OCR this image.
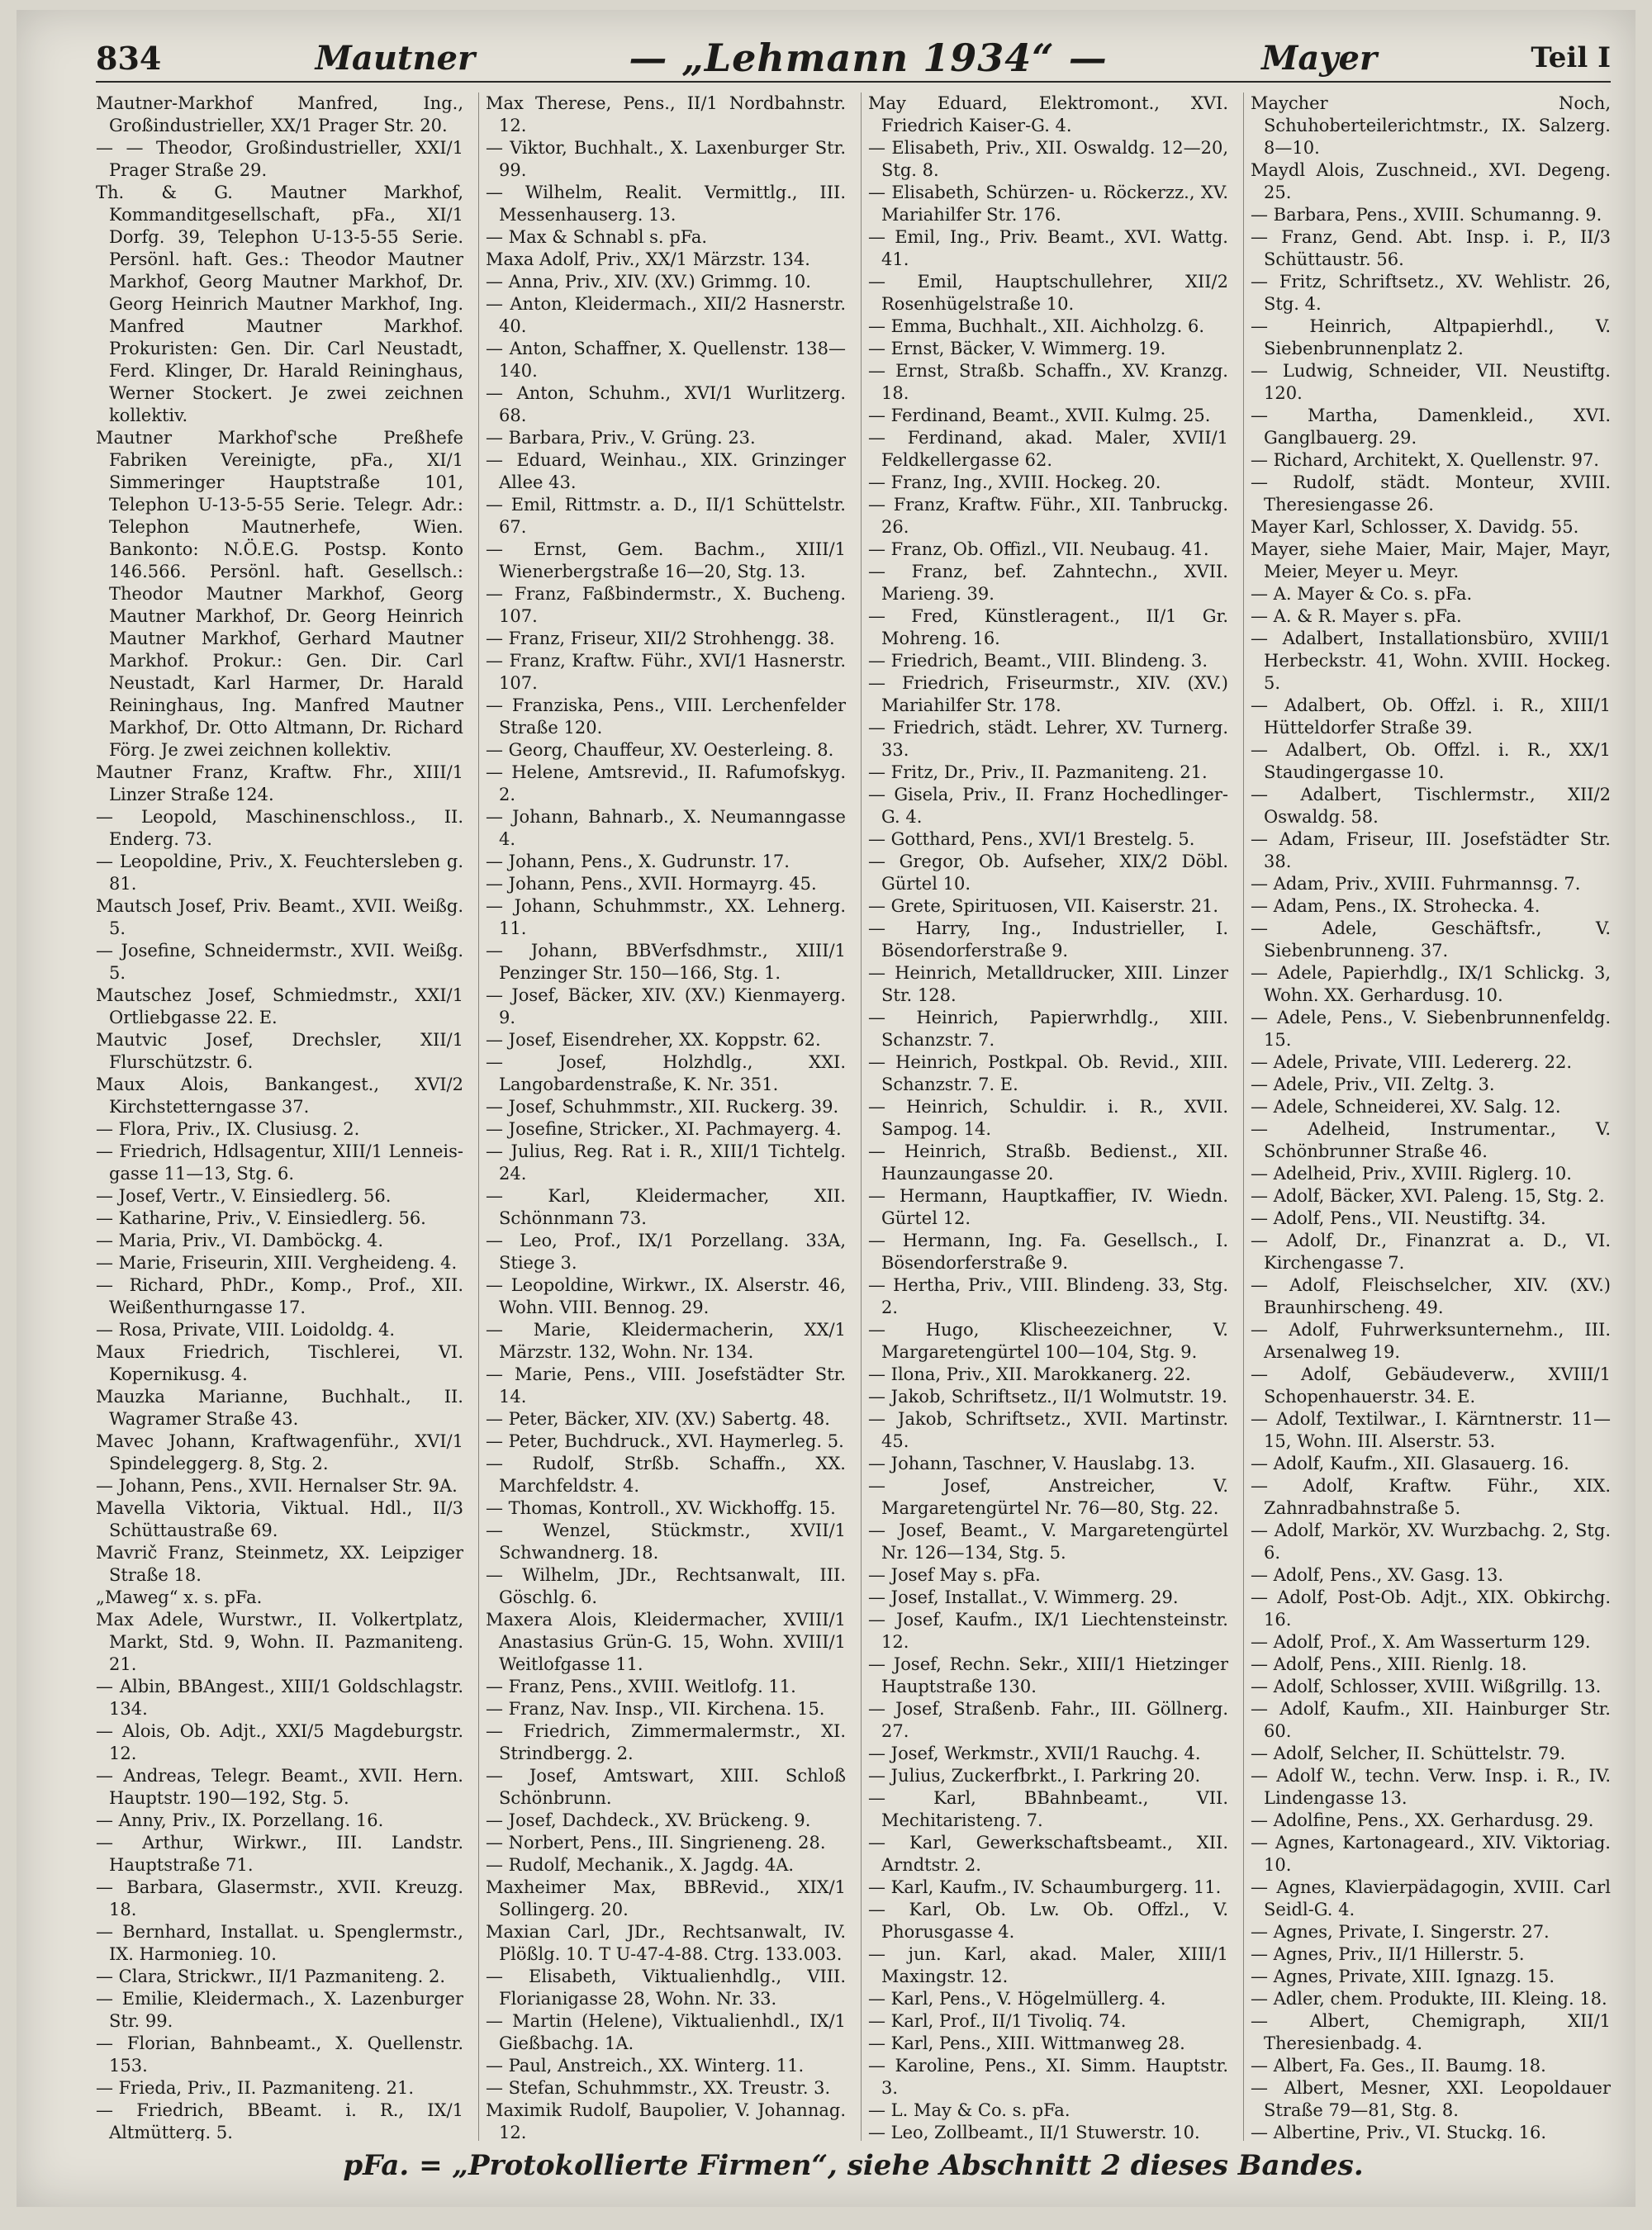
834	Mautner	— „Lehmann 1934“ —	Mayer	Teil I

Mautner-Markhof Manfred, Ing., Großindustrieller, XX/1 Prager Str. 20.

— — Theodor, Großindustrieller, XXI/1 Prager Straße 29.

Th. & G. Mautner Markhof, Kommanditgesellschaft, pFa., XI/1 Dorfg. 39, Telephon U-13-5-55 Serie. Persönl. haft. Ges.: Theodor Mautner Markhof, Georg Mautner Markhof, Dr. Georg Heinrich Mautner Markhof, Ing. Manfred Mautner Markhof. Prokuristen: Gen. Dir. Carl Neustadt, Ferd. Klinger, Dr. Harald Reininghaus, Werner Stockert. Je zwei zeichnen kollektiv.

Mautner Markhof'sche Preßhefe Fabriken Vereinigte, pFa., XI/1 Simmeringer Hauptstraße 101, Telephon U-13-5-55 Serie. Telegr. Adr.: Telephon Mautnerhefe, Wien. Bankonto: N.Ö.E.G. Postsp. Konto 146.566. Persönl. haft. Gesellsch.: Theodor Mautner Markhof, Georg Mautner Markhof, Dr. Georg Heinrich Mautner Markhof, Gerhard Mautner Markhof. Prokur.: Gen. Dir. Carl Neustadt, Karl Harmer, Dr. Harald Reininghaus, Ing. Manfred Mautner Markhof, Dr. Otto Altmann, Dr. Richard Förg. Je zwei zeichnen kollektiv.

Mautner Franz, Kraftw. Fhr., XIII/1 Linzer Straße 124.

— Leopold, Maschinenschloss., II. Enderg. 73.

— Leopoldine, Priv., X. Feuchtersleben g. 81.

Mautsch Josef, Priv. Beamt., XVII. Weißg. 5.

— Josefine, Schneidermstr., XVII. Weißg. 5.

Mautschez Josef, Schmiedmstr., XXI/1 Ortliebgasse 22. E.

Mautvic Josef, Drechsler, XII/1 Flurschützstr. 6.

Maux Alois, Bankangest., XVI/2 Kirchstetterngasse 37.

— Flora, Priv., IX. Clusiusg. 2.

— Friedrich, Hdlsagentur, XIII/1 Lenneisgasse 11—13, Stg. 6.

— Josef, Vertr., V. Einsiedlerg. 56.

— Katharine, Priv., V. Einsiedlerg. 56.

— Maria, Priv., VI. Damböckg. 4.

— Marie, Friseurin, XIII. Vergheideng. 4.

— Richard, PhDr., Komp., Prof., XII. Weißenthurngasse 17.

— Rosa, Private, VIII. Loidoldg. 4.

Maux Friedrich, Tischlerei, VI. Kopernikusg. 4.

Mauzka Marianne, Buchhalt., II. Wagramer Straße 43.

Mavec Johann, Kraftwagenführ., XVI/1 Spindeleggerg. 8, Stg. 2.

— Johann, Pens., XVII. Hernalser Str. 9A.

Mavella Viktoria, Viktual. Hdl., II/3 Schüttaustraße 69.

Mavrič Franz, Steinmetz, XX. Leipziger Straße 18.

„Maweg“ x. s. pFa.

Max Adele, Wurstwr., II. Volkertplatz, Markt, Std. 9, Wohn. II. Pazmaniteng. 21.

— Albin, BBAngest., XIII/1 Goldschlagstr. 134.

— Alois, Ob. Adjt., XXI/5 Magdeburgstr. 12.

— Andreas, Telegr. Beamt., XVII. Hern. Hauptstr. 190—192, Stg. 5.

— Anny, Priv., IX. Porzellang. 16.

— Arthur, Wirkwr., III. Landstr. Hauptstraße 71.

— Barbara, Glasermstr., XVII. Kreuzg. 18.

— Bernhard, Installat. u. Spenglermstr., IX. Harmonieg. 10.

— Clara, Strickwr., II/1 Pazmaniteng. 2.

— Emilie, Kleidermach., X. Lazenburger Str. 99.

— Florian, Bahnbeamt., X. Quellenstr. 153.

— Frieda, Priv., II. Pazmaniteng. 21.

— Friedrich, BBeamt. i. R., IX/1 Altmütterg. 5.

Max Therese, Pens., II/1 Nordbahnstr. 12.

— Viktor, Buchhalt., X. Laxenburger Str. 99.

— Wilhelm, Realit. Vermittlg., III. Messenhauserg. 13.

— Max & Schnabl s. pFa.

Maxa Adolf, Priv., XX/1 Märzstr. 134.

— Anna, Priv., XIV. (XV.) Grimmg. 10.

— Anton, Kleidermach., XII/2 Hasnerstr. 40.

— Anton, Schaffner, X. Quellenstr. 138—140.

— Anton, Schuhm., XVI/1 Wurlitzerg. 68.

— Barbara, Priv., V. Grüng. 23.

— Eduard, Weinhau., XIX. Grinzinger Allee 43.

— Emil, Rittmstr. a. D., II/1 Schüttelstr. 67.

— Ernst, Gem. Bachm., XIII/1 Wienerbergstraße 16—20, Stg. 13.

— Franz, Faßbindermstr., X. Bucheng. 107.

— Franz, Friseur, XII/2 Strohhengg. 38.

— Franz, Kraftw. Führ., XVI/1 Hasnerstr. 107.

— Franziska, Pens., VIII. Lerchenfelder Straße 120.

— Georg, Chauffeur, XV. Oesterleing. 8.

— Helene, Amtsrevid., II. Rafumofskyg. 2.

— Johann, Bahnarb., X. Neumanngasse 4.

— Johann, Pens., X. Gudrunstr. 17.

— Johann, Pens., XVII. Hormayrg. 45.

— Johann, Schuhmmstr., XX. Lehnerg. 11.

— Johann, BBVerfsdhmstr., XIII/1 Penzinger Str. 150—166, Stg. 1.

— Josef, Bäcker, XIV. (XV.) Kienmayerg. 9.

— Josef, Eisendreher, XX. Koppstr. 62.

— Josef, Holzhdlg., XXI. Langobardenstraße, K. Nr. 351.

— Josef, Schuhmmstr., XII. Ruckerg. 39.

— Josefine, Stricker., XI. Pachmayerg. 4.

— Julius, Reg. Rat i. R., XIII/1 Tichtelg. 24.

— Karl, Kleidermacher, XII. Schönnmann 73.

— Leo, Prof., IX/1 Porzellang. 33A, Stiege 3.

— Leopoldine, Wirkwr., IX. Alserstr. 46, Wohn. VIII. Bennog. 29.

— Marie, Kleidermacherin, XX/1 Märzstr. 132, Wohn. Nr. 134.

— Marie, Pens., VIII. Josefstädter Str. 14.

— Peter, Bäcker, XIV. (XV.) Sabertg. 48.

— Peter, Buchdruck., XVI. Haymerleg. 5.

— Rudolf, Strßb. Schaffn., XX. Marchfeldstr. 4.

— Thomas, Kontroll., XV. Wickhoffg. 15.

— Wenzel, Stückmstr., XVII/1 Schwandnerg. 18.

— Wilhelm, JDr., Rechtsanwalt, III. Göschlg. 6.

Maxera Alois, Kleidermacher, XVIII/1 Anastasius Grün-G. 15, Wohn. XVIII/1 Weitlofgasse 11.

— Franz, Pens., XVIII. Weitlofg. 11.

— Franz, Nav. Insp., VII. Kirchena. 15.

— Friedrich, Zimmermalermstr., XI. Strindbergg. 2.

— Josef, Amtswart, XIII. Schloß Schönbrunn.

— Josef, Dachdeck., XV. Brückeng. 9.

— Norbert, Pens., III. Singrieneng. 28.

— Rudolf, Mechanik., X. Jagdg. 4A.

Maxheimer Max, BBRevid., XIX/1 Sollingerg. 20.

Maxian Carl, JDr., Rechtsanwalt, IV. Plößlg. 10. T U-47-4-88. Ctrg. 133.003.

— Elisabeth, Viktualienhdlg., VIII. Florianigasse 28, Wohn. Nr. 33.

— Martin (Helene), Viktualienhdl., IX/1 Gießbachg. 1A.

— Paul, Anstreich., XX. Winterg. 11.

— Stefan, Schuhmmstr., XX. Treustr. 3.

Maximik Rudolf, Baupolier, V. Johannag. 12.

May Eduard, Elektromont., XVI. Friedrich Kaiser-G. 4.

— Elisabeth, Priv., XII. Oswaldg. 12—20, Stg. 8.

— Elisabeth, Schürzen- u. Röckerzz., XV. Mariahilfer Str. 176.

— Emil, Ing., Priv. Beamt., XVI. Wattg. 41.

— Emil, Hauptschullehrer, XII/2 Rosenhügelstraße 10.

— Emma, Buchhalt., XII. Aichholzg. 6.

— Ernst, Bäcker, V. Wimmerg. 19.

— Ernst, Straßb. Schaffn., XV. Kranzg. 18.

— Ferdinand, Beamt., XVII. Kulmg. 25.

— Ferdinand, akad. Maler, XVII/1 Feldkellergasse 62.

— Franz, Ing., XVIII. Hockeg. 20.

— Franz, Kraftw. Führ., XII. Tanbruckg. 26.

— Franz, Ob. Offizl., VII. Neubaug. 41.

— Franz, bef. Zahntechn., XVII. Marieng. 39.

— Fred, Künstleragent., II/1 Gr. Mohreng. 16.

— Friedrich, Beamt., VIII. Blindeng. 3.

— Friedrich, Friseurmstr., XIV. (XV.) Mariahilfer Str. 178.

— Friedrich, städt. Lehrer, XV. Turnerg. 33.

— Fritz, Dr., Priv., II. Pazmaniteng. 21.

— Gisela, Priv., II. Franz Hochedlinger-G. 4.

— Gotthard, Pens., XVI/1 Brestelg. 5.

— Gregor, Ob. Aufseher, XIX/2 Döbl. Gürtel 10.

— Grete, Spirituosen, VII. Kaiserstr. 21.

— Harry, Ing., Industrieller, I. Bösendorferstraße 9.

— Heinrich, Metalldrucker, XIII. Linzer Str. 128.

— Heinrich, Papierwrhdlg., XIII. Schanzstr. 7.

— Heinrich, Postkpal. Ob. Revid., XIII. Schanzstr. 7. E.

— Heinrich, Schuldir. i. R., XVII. Sampog. 14.

— Heinrich, Straßb. Bedienst., XII. Haunzaungasse 20.

— Hermann, Hauptkaffier, IV. Wiedn. Gürtel 12.

— Hermann, Ing. Fa. Gesellsch., I. Bösendorferstraße 9.

— Hertha, Priv., VIII. Blindeng. 33, Stg. 2.

— Hugo, Klischeezeichner, V. Margaretengürtel 100—104, Stg. 9.

— Ilona, Priv., XII. Marokkanerg. 22.

— Jakob, Schriftsetz., II/1 Wolmutstr. 19.

— Jakob, Schriftsetz., XVII. Martinstr. 45.

— Johann, Taschner, V. Hauslabg. 13.

— Josef, Anstreicher, V. Margaretengürtel Nr. 76—80, Stg. 22.

— Josef, Beamt., V. Margaretengürtel Nr. 126—134, Stg. 5.

— Josef May s. pFa.

— Josef, Installat., V. Wimmerg. 29.

— Josef, Kaufm., IX/1 Liechtensteinstr. 12.

— Josef, Rechn. Sekr., XIII/1 Hietzinger Hauptstraße 130.

— Josef, Straßenb. Fahr., III. Göllnerg. 27.

— Josef, Werkmstr., XVII/1 Rauchg. 4.

— Julius, Zuckerfbrkt., I. Parkring 20.

— Karl, BBahnbeamt., VII. Mechitaristeng. 7.

— Karl, Gewerkschaftsbeamt., XII. Arndtstr. 2.

— Karl, Kaufm., IV. Schaumburgerg. 11.

— Karl, Ob. Lw. Ob. Offzl., V. Phorusgasse 4.

— jun. Karl, akad. Maler, XIII/1 Maxingstr. 12.

— Karl, Pens., V. Högelmüllerg. 4.

— Karl, Prof., II/1 Tivoliq. 74.

— Karl, Pens., XIII. Wittmanweg 28.

— Karoline, Pens., XI. Simm. Hauptstr. 3.

— L. May & Co. s. pFa.

— Leo, Zollbeamt., II/1 Stuwerstr. 10.

Maycher Noch, Schuhoberteilerichtmstr., IX. Salzerg. 8—10.

Maydl Alois, Zuschneid., XVI. Degeng. 25.

— Barbara, Pens., XVIII. Schumanng. 9.

— Franz, Gend. Abt. Insp. i. P., II/3 Schüttaustr. 56.

— Fritz, Schriftsetz., XV. Wehlistr. 26, Stg. 4.

— Heinrich, Altpapierhdl., V. Siebenbrunnenplatz 2.

— Ludwig, Schneider, VII. Neustiftg. 120.

— Martha, Damenkleid., XVI. Ganglbauerg. 29.

— Richard, Architekt, X. Quellenstr. 97.

— Rudolf, städt. Monteur, XVIII. Theresiengasse 26.

Mayer Karl, Schlosser, X. Davidg. 55.

Mayer, siehe Maier, Mair, Majer, Mayr, Meier, Meyer u. Meyr.

— A. Mayer & Co. s. pFa.

— A. & R. Mayer s. pFa.

— Adalbert, Installationsbüro, XVIII/1 Herbeckstr. 41, Wohn. XVIII. Hockeg. 5.

— Adalbert, Ob. Offzl. i. R., XIII/1 Hütteldorfer Straße 39.

— Adalbert, Ob. Offzl. i. R., XX/1 Staudingergasse 10.

— Adalbert, Tischlermstr., XII/2 Oswaldg. 58.

— Adam, Friseur, III. Josefstädter Str. 38.

— Adam, Priv., XVIII. Fuhrmannsg. 7.

— Adam, Pens., IX. Strohecka. 4.

— Adele, Geschäftsfr., V. Siebenbrunneng. 37.

— Adele, Papierhdlg., IX/1 Schlickg. 3, Wohn. XX. Gerhardusg. 10.

— Adele, Pens., V. Siebenbrunnenfeldg. 15.

— Adele, Private, VIII. Ledererg. 22.

— Adele, Priv., VII. Zeltg. 3.

— Adele, Schneiderei, XV. Salg. 12.

— Adelheid, Instrumentar., V. Schönbrunner Straße 46.

— Adelheid, Priv., XVIII. Riglerg. 10.

— Adolf, Bäcker, XVI. Paleng. 15, Stg. 2.

— Adolf, Pens., VII. Neustiftg. 34.

— Adolf, Dr., Finanzrat a. D., VI. Kirchengasse 7.

— Adolf, Fleischselcher, XIV. (XV.) Braunhirscheng. 49.

— Adolf, Fuhrwerksunternehm., III. Arsenalweg 19.

— Adolf, Gebäudeverw., XVIII/1 Schopenhauerstr. 34. E.

— Adolf, Textilwar., I. Kärntnerstr. 11—15, Wohn. III. Alserstr. 53.

— Adolf, Kaufm., XII. Glasauerg. 16.

— Adolf, Kraftw. Führ., XIX. Zahnradbahnstraße 5.

— Adolf, Markör, XV. Wurzbachg. 2, Stg. 6.

— Adolf, Pens., XV. Gasg. 13.

— Adolf, Post-Ob. Adjt., XIX. Obkirchg. 16.

— Adolf, Prof., X. Am Wasserturm 129.

— Adolf, Pens., XIII. Rienlg. 18.

— Adolf, Schlosser, XVIII. Wißgrillg. 13.

— Adolf, Kaufm., XII. Hainburger Str. 60.

— Adolf, Selcher, II. Schüttelstr. 79.

— Adolf W., techn. Verw. Insp. i. R., IV. Lindengasse 13.

— Adolfine, Pens., XX. Gerhardusg. 29.

— Agnes, Kartonageard., XIV. Viktoriag. 10.

— Agnes, Klavierpädagogin, XVIII. Carl Seidl-G. 4.

— Agnes, Private, I. Singerstr. 27.

— Agnes, Priv., II/1 Hillerstr. 5.

— Agnes, Private, XIII. Ignazg. 15.

— Adler, chem. Produkte, III. Kleing. 18.

— Albert, Chemigraph, XII/1 Theresienbadg. 4.

— Albert, Fa. Ges., II. Baumg. 18.

— Albert, Mesner, XXI. Leopoldauer Straße 79—81, Stg. 8.

— Albertine, Priv., VI. Stuckg. 16.

pFa. = „Protokollierte Firmen“, siehe Abschnitt 2 dieses Bandes.
